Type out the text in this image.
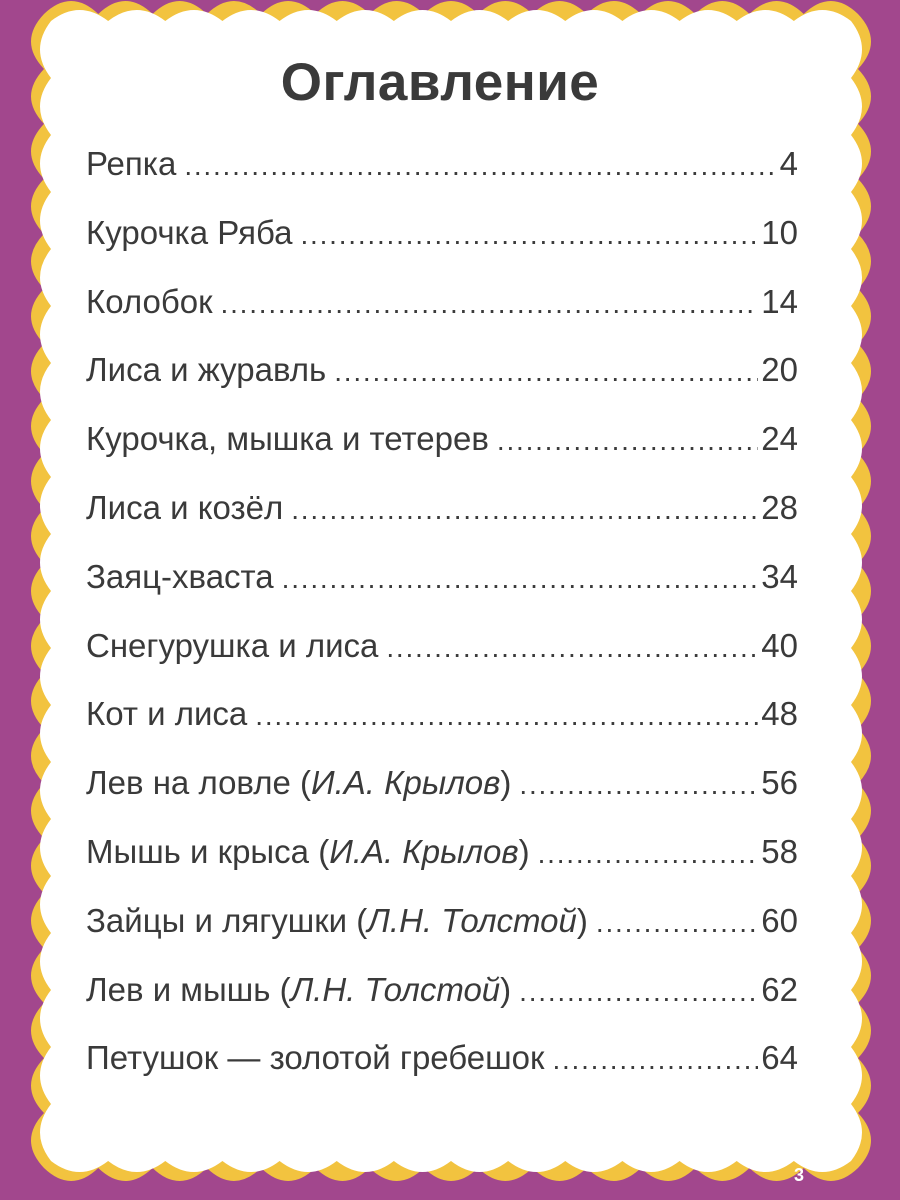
Оглавление
Репка . . .	4
Курочка Ряба . . .	10
Колобок . . .	14
Лиса и журавль . . .	20
Курочка, мышка и тетерев . . .	24
Лиса и козёл . . .	28
Заяц-хваста . . .	34
Снегурушка и лиса . . .	40
Кот и лиса . . .	48
Лев на ловле (И.А. Крылов) . . .	56
Мышь и крыса (И.А. Крылов) . . .	58
Зайцы и лягушки (Л.Н. Толстой) . . .	60
Лев и мышь (Л.Н. Толстой) . . .	62
Петушок — золотой гребешок . . .	64
3
